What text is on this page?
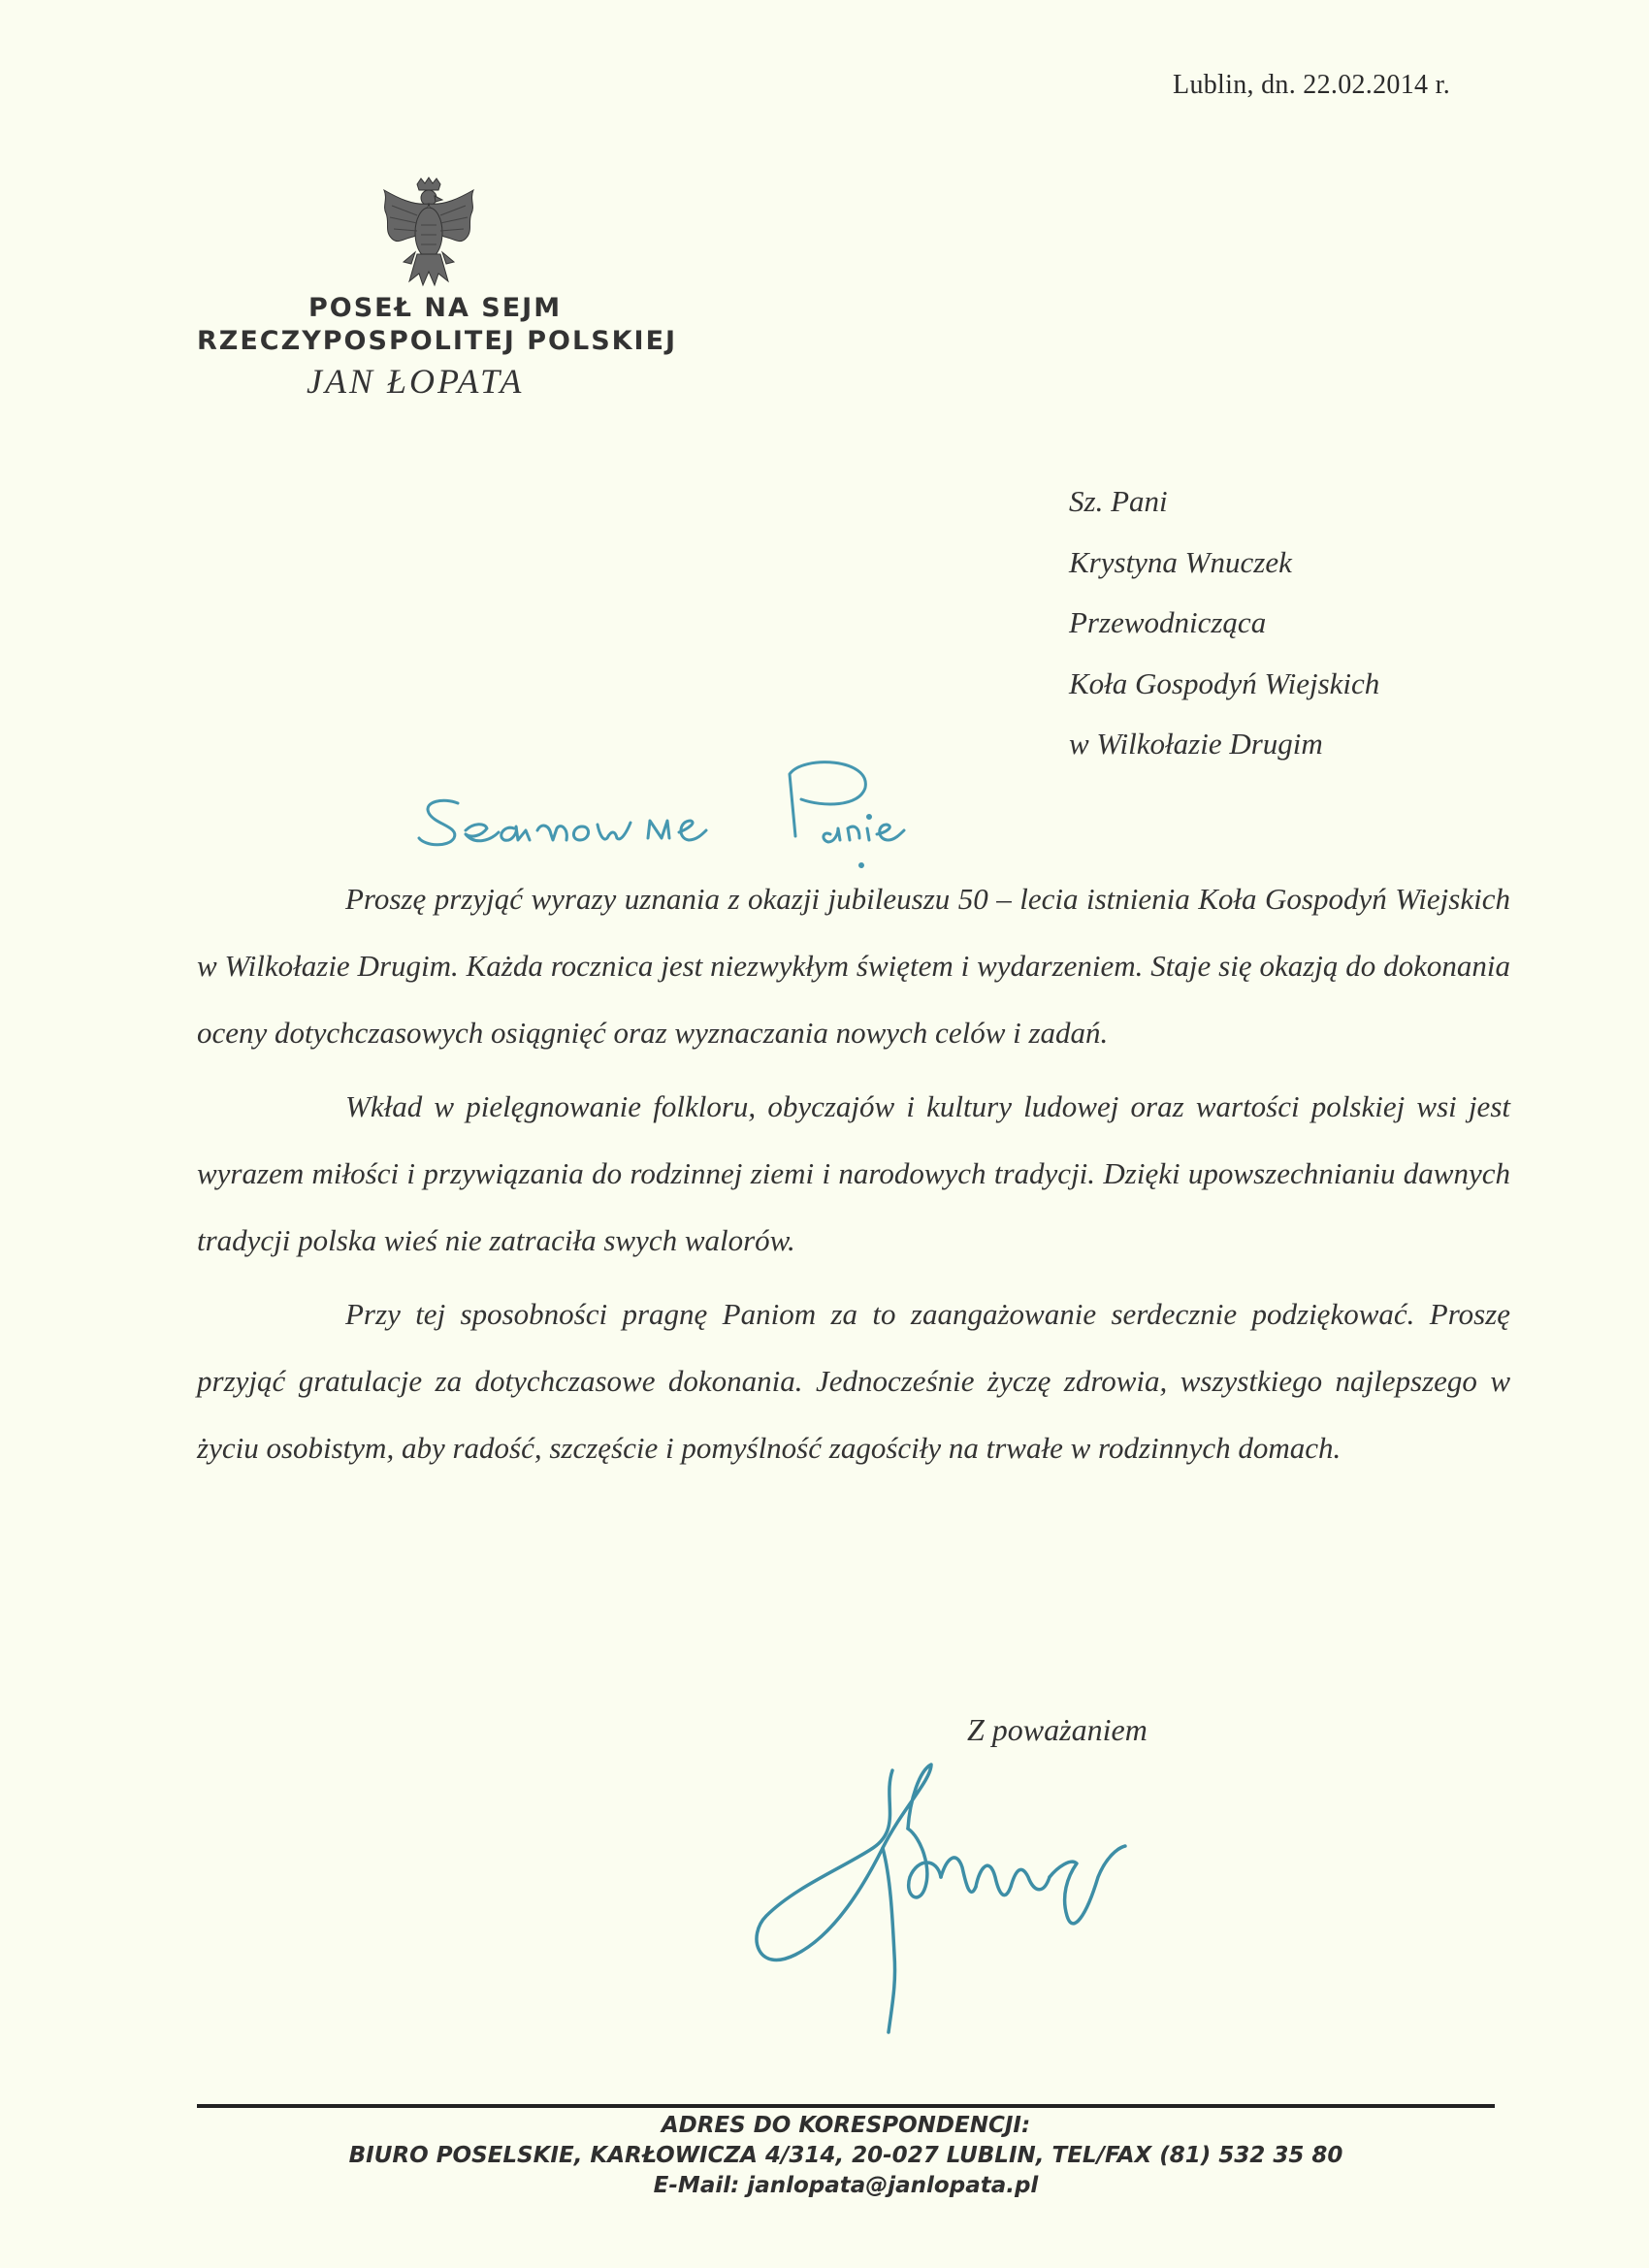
Lublin, dn. 22.02.2014 r.
POSEŁ NA SEJM
RZECZYPOSPOLITEJ POLSKIEJ
JAN ŁOPATA
Sz. Pani
Krystyna Wnuczek
Przewodnicząca
Koła Gospodyń Wiejskich
w Wilkołazie Drugim

Proszę przyjąć wyrazy uznania z okazji jubileuszu 50 – lecia istnienia Koła Gospodyń Wiejskich w Wilkołazie Drugim. Każda rocznica jest niezwykłym świętem i wydarzeniem. Staje się okazją do dokonania oceny dotychczasowych osiągnięć oraz wyznaczania nowych celów i zadań.

Wkład w pielęgnowanie folkloru, obyczajów i kultury ludowej oraz wartości polskiej wsi jest wyrazem miłości i przywiązania do rodzinnej ziemi i narodowych tradycji. Dzięki upowszechnianiu dawnych tradycji polska wieś nie zatraciła swych walorów.

Przy tej sposobności pragnę Paniom za to zaangażowanie serdecznie podziękować. Proszę przyjąć gratulacje za dotychczasowe dokonania. Jednocześnie życzę zdrowia, wszystkiego najlepszego w życiu osobistym, aby radość, szczęście i pomyślność zagościły na trwałe w rodzinnych domach.

Z poważaniem
ADRES DO KORESPONDENCJI:
BIURO POSELSKIE, KARŁOWICZA 4/314, 20-027 LUBLIN, TEL/FAX (81) 532 35 80
E-Mail: janlopata@janlopata.pl
